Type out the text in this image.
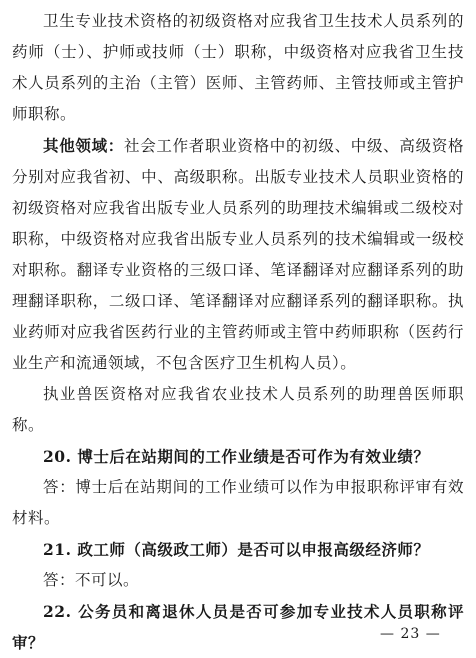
卫生专业技术资格的初级资格对应我省卫生技术人员系列的药师（士）、护师或技师（士）职称，中级资格对应我省卫生技术人员系列的主治（主管）医师、主管药师、主管技师或主管护师职称。

其他领域：社会工作者职业资格中的初级、中级、高级资格分别对应我省初、中、高级职称。出版专业技术人员职业资格的初级资格对应我省出版专业人员系列的助理技术编辑或二级校对职称，中级资格对应我省出版专业人员系列的技术编辑或一级校对职称。翻译专业资格的三级口译、笔译翻译对应翻译系列的助理翻译职称，二级口译、笔译翻译对应翻译系列的翻译职称。执业药师对应我省医药行业的主管药师或主管中药师职称（医药行业生产和流通领域，不包含医疗卫生机构人员）。

执业兽医资格对应我省农业技术人员系列的助理兽医师职称。

20. 博士后在站期间的工作业绩是否可作为有效业绩？

答：博士后在站期间的工作业绩可以作为申报职称评审有效材料。

21. 政工师（高级政工师）是否可以申报高级经济师？

答：不可以。

22. 公务员和离退休人员是否可参加专业技术人员职称评审？	— 23 —
